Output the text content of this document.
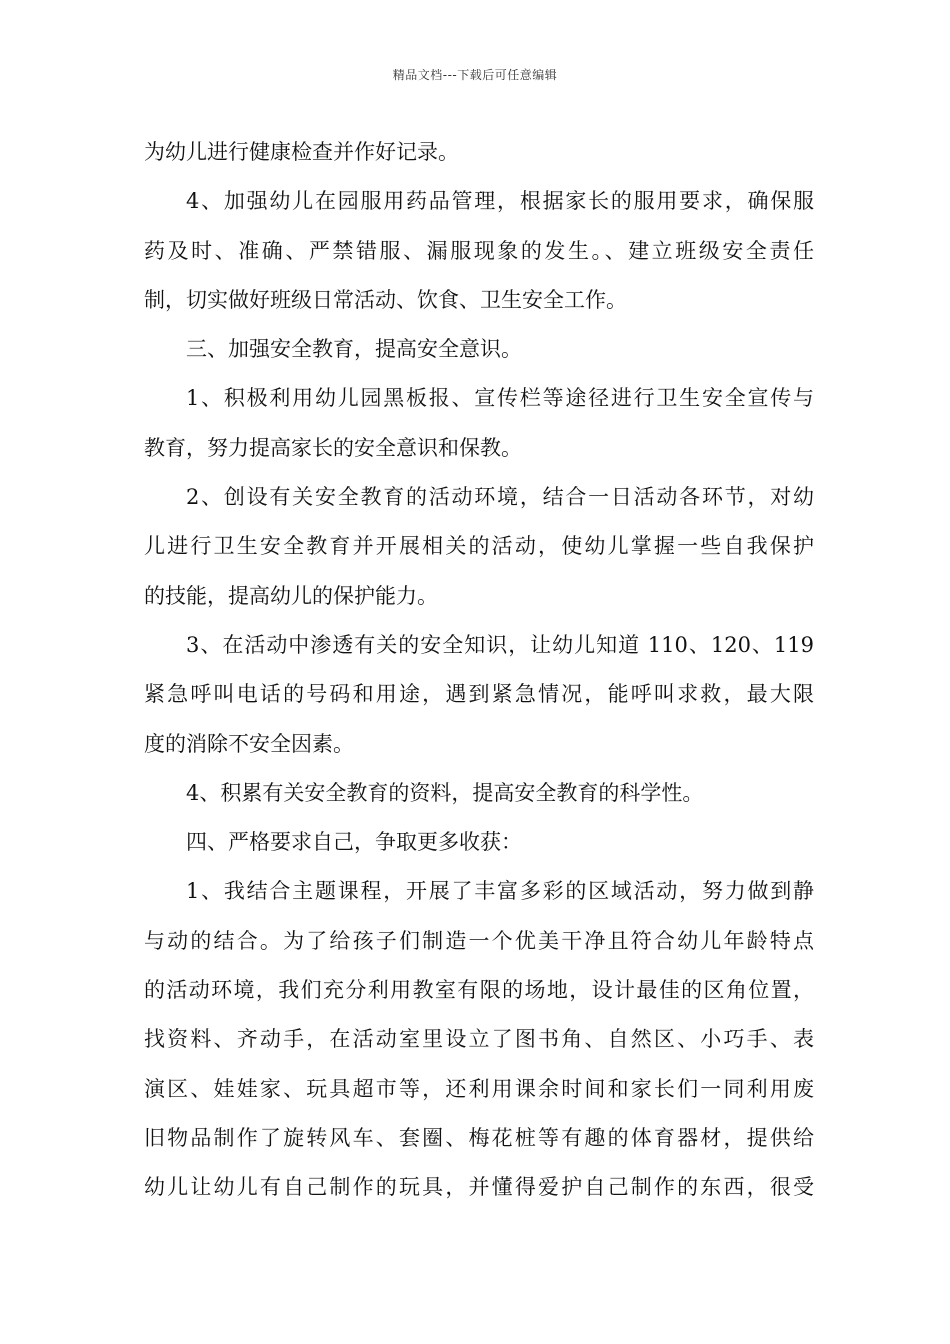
精品文档---下载后可任意编辑
为幼儿进行健康检查并作好记录。
4、加强幼儿在园服用药品管理，根据家长的服用要求，确保服
药及时、准确、严禁错服、漏服现象的发生。、建立班级安全责任
制，切实做好班级日常活动、饮食、卫生安全工作。
三、加强安全教育，提高安全意识。
1、积极利用幼儿园黑板报、宣传栏等途径进行卫生安全宣传与
教育，努力提高家长的安全意识和保教。
2、创设有关安全教育的活动环境，结合一日活动各环节，对幼
儿进行卫生安全教育并开展相关的活动，使幼儿掌握一些自我保护
的技能，提高幼儿的保护能力。
3、在活动中渗透有关的安全知识，让幼儿知道 110、120、119
紧急呼叫电话的号码和用途，遇到紧急情况，能呼叫求救，最大限
度的消除不安全因素。
4、积累有关安全教育的资料，提高安全教育的科学性。
四、严格要求自己，争取更多收获：
1、我结合主题课程，开展了丰富多彩的区域活动，努力做到静
与动的结合。为了给孩子们制造一个优美干净且符合幼儿年龄特点
的活动环境，我们充分利用教室有限的场地，设计最佳的区角位置，
找资料、齐动手，在活动室里设立了图书角、自然区、小巧手、表
演区、娃娃家、玩具超市等，还利用课余时间和家长们一同利用废
旧物品制作了旋转风车、套圈、梅花桩等有趣的体育器材，提供给
幼儿让幼儿有自己制作的玩具，并懂得爱护自己制作的东西，很受
